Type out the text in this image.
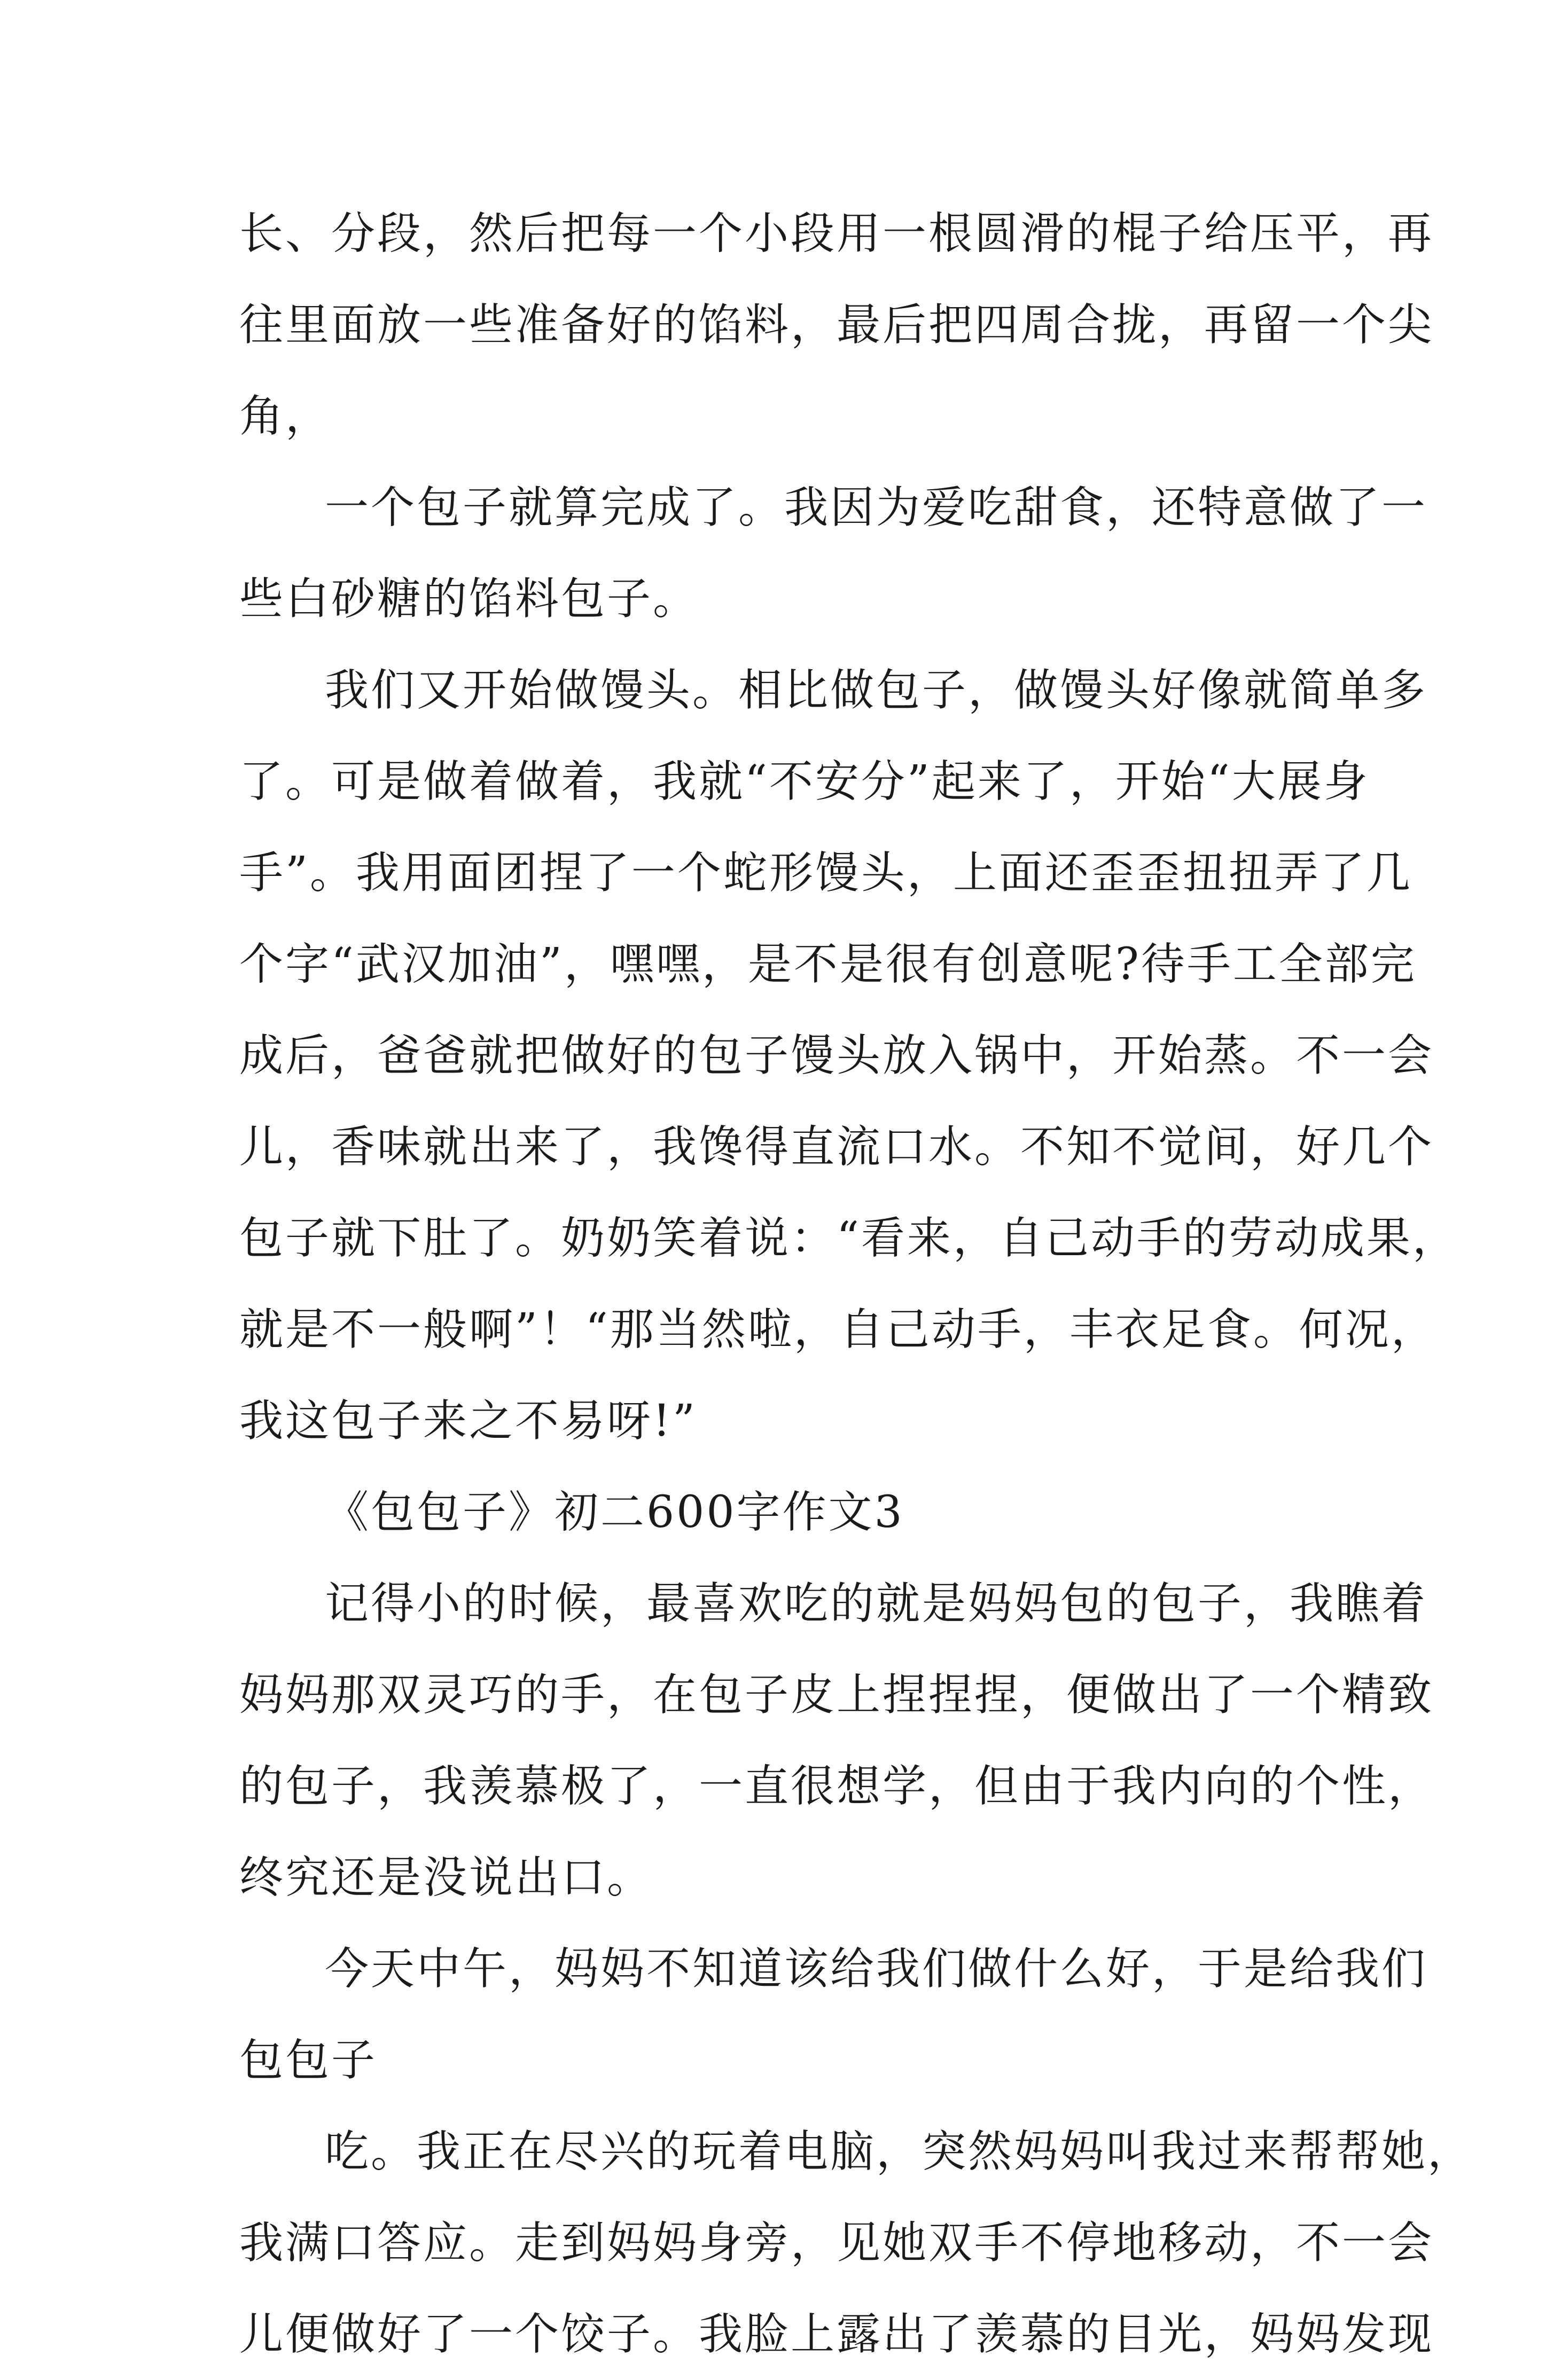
长、分段，然后把每一个小段用一根圆滑的棍子给压平，再
往里面放一些准备好的馅料，最后把四周合拢，再留一个尖
角，
一个包子就算完成了。我因为爱吃甜食，还特意做了一
些白砂糖的馅料包子。
我们又开始做馒头。相比做包子，做馒头好像就简单多
了。可是做着做着，我就“不安分”起来了，开始“大展身
手”。我用面团捏了一个蛇形馒头，上面还歪歪扭扭弄了几
个字“武汉加油”，嘿嘿，是不是很有创意呢?待手工全部完
成后，爸爸就把做好的包子馒头放入锅中，开始蒸。不一会
儿，香味就出来了，我馋得直流口水。不知不觉间，好几个
包子就下肚了。奶奶笑着说：“看来，自己动手的劳动成果，
就是不一般啊”！“那当然啦，自己动手，丰衣足食。何况，
我这包子来之不易呀!”
《包包子》初二600字作文3
记得小的时候，最喜欢吃的就是妈妈包的包子，我瞧着
妈妈那双灵巧的手，在包子皮上捏捏捏，便做出了一个精致
的包子，我羡慕极了，一直很想学，但由于我内向的个性，
终究还是没说出口。
今天中午，妈妈不知道该给我们做什么好，于是给我们
包包子
吃。我正在尽兴的玩着电脑，突然妈妈叫我过来帮帮她，
我满口答应。走到妈妈身旁，见她双手不停地移动，不一会
儿便做好了一个饺子。我脸上露出了羡慕的目光，妈妈发现
